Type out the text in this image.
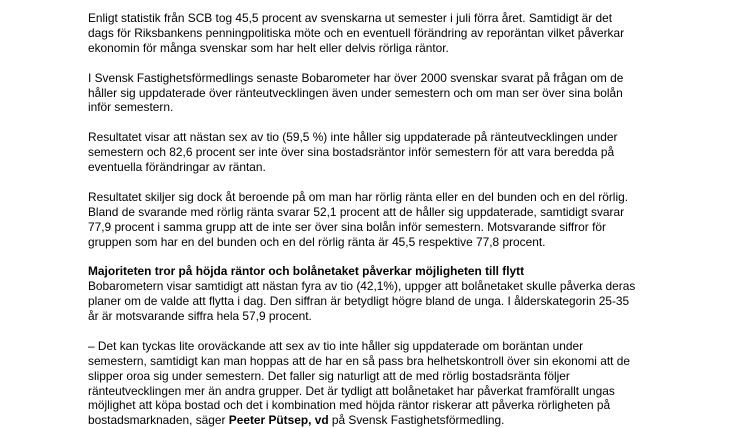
Enligt statistik från SCB tog 45,5 procent av svenskarna ut semester i juli förra året. Samtidigt är det
dags för Riksbankens penningpolitiska möte och en eventuell förändring av reporäntan vilket påverkar
ekonomin för många svenskar som har helt eller delvis rörliga räntor.

I Svensk Fastighetsförmedlings senaste Bobarometer har över 2000 svenskar svarat på frågan om de
håller sig uppdaterade över ränteutvecklingen även under semestern och om man ser över sina bolån
inför semestern.

Resultatet visar att nästan sex av tio (59,5 %) inte håller sig uppdaterade på ränteutvecklingen under
semestern och 82,6 procent ser inte över sina bostadsräntor inför semestern för att vara beredda på
eventuella förändringar av räntan.

Resultatet skiljer sig dock åt beroende på om man har rörlig ränta eller en del bunden och en del rörlig.
Bland de svarande med rörlig ränta svarar 52,1 procent att de håller sig uppdaterade, samtidigt svarar
77,9 procent i samma grupp att de inte ser över sina bolån inför semestern. Motsvarande siffror för
gruppen som har en del bunden och en del rörlig ränta är 45,5 respektive 77,8 procent.

Majoriteten tror på höjda räntor och bolånetaket påverkar möjligheten till flytt

Bobarometern visar samtidigt att nästan fyra av tio (42,1%), uppger att bolånetaket skulle påverka deras
planer om de valde att flytta i dag. Den siffran är betydligt högre bland de unga. I ålderskategorin 25-35
år är motsvarande siffra hela 57,9 procent.

– Det kan tyckas lite oroväckande att sex av tio inte håller sig uppdaterade om boräntan under
semestern, samtidigt kan man hoppas att de har en så pass bra helhetskontroll över sin ekonomi att de
slipper oroa sig under semestern. Det faller sig naturligt att de med rörlig bostadsränta följer
ränteutvecklingen mer än andra grupper. Det är tydligt att bolånetaket har påverkat framförallt ungas
möjlighet att köpa bostad och det i kombination med höjda räntor riskerar att påverka rörligheten på
bostadsmarknaden, säger Peeter Pütsep, vd på Svensk Fastighetsförmedling.
